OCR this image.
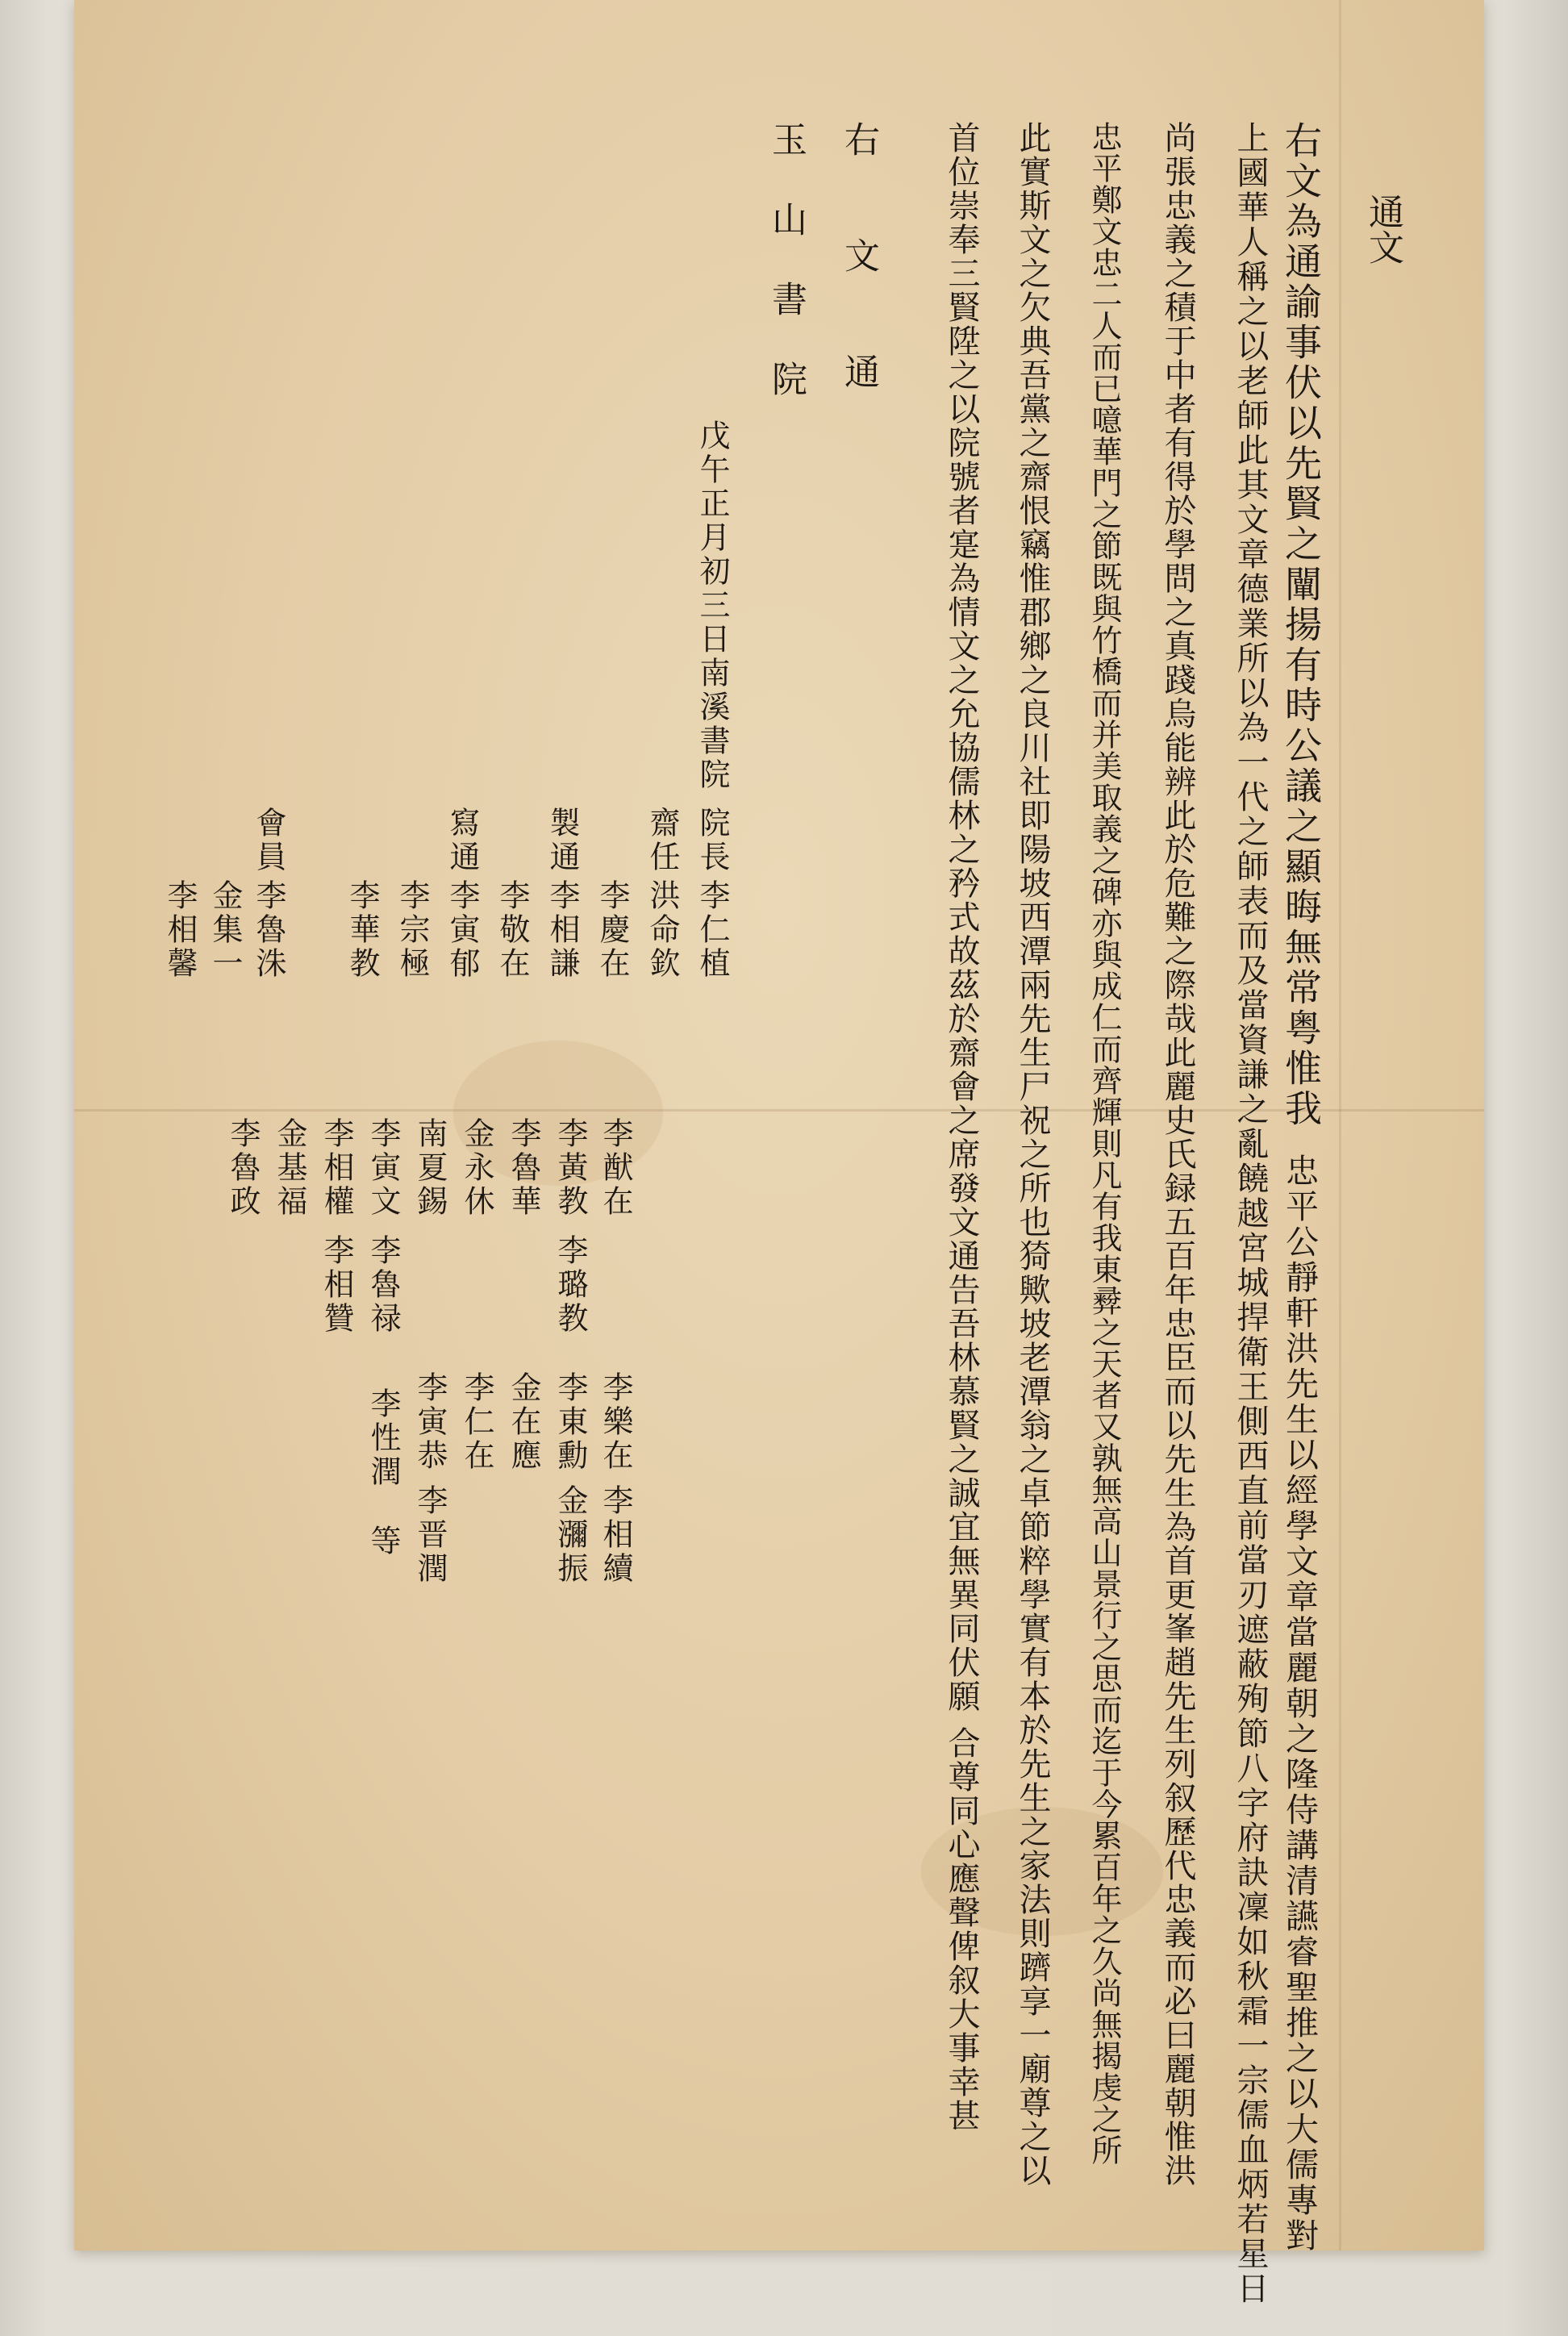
通文
右文為通諭事伏以先賢之闡揚有時公議之顯晦無常粤惟我
忠平公靜軒洪先生以經學文章當麗朝之隆侍講清讌睿聖推之以大儒專對
上國華人稱之以老師此其文章德業所以為一代之師表而及當資謙之亂饒越宮城捍衛王側西直前當刃遮蔽殉節八字府訣凜如秋霜一宗儒血炳若星日
尚張忠義之積于中者有得於學問之真踐烏能辨此於危難之際哉此麗史氏録五百年忠臣而以先生為首更峯趙先生列叙歷代忠義而必曰麗朝惟洪
忠平鄭文忠二人而已噫華門之節既與竹橋而并美取義之碑亦與成仁而齊輝則凡有我東彛之天者又孰無高山景行之思而迄于今累百年之久尚無揭虔之所
此實斯文之欠典吾黨之齋恨竊惟郡鄉之良川社即陽坡西潭兩先生尸祝之所也猗歟坡老潭翁之卓節粹學實有本於先生之家法則躋享一廟尊之以
首位崇奉三賢陞之以院號者寔為情文之允協儒林之矜式故茲於齋會之席發文通告吾林慕賢之誠宜無異同伏願
合尊同心應聲俾叙大事幸甚
右文通
玉山書院
戊午正月初三日南溪書院
院長
李仁植
齋任
洪命欽
李慶在
製通
李相謙
李敬在
寫通
李寅郁
李宗極
李華教
會員
李魯洙
金集一
李相馨
李猷在
李黃教
李璐教
李魯華
金永休
南夏錫
李寅文
李魯禄
李相權
李相贊
金基福
李魯政
李樂在
李相續
李東勳
金瀰振
金在應
李仁在
李寅恭
李晋潤
李性潤
等
